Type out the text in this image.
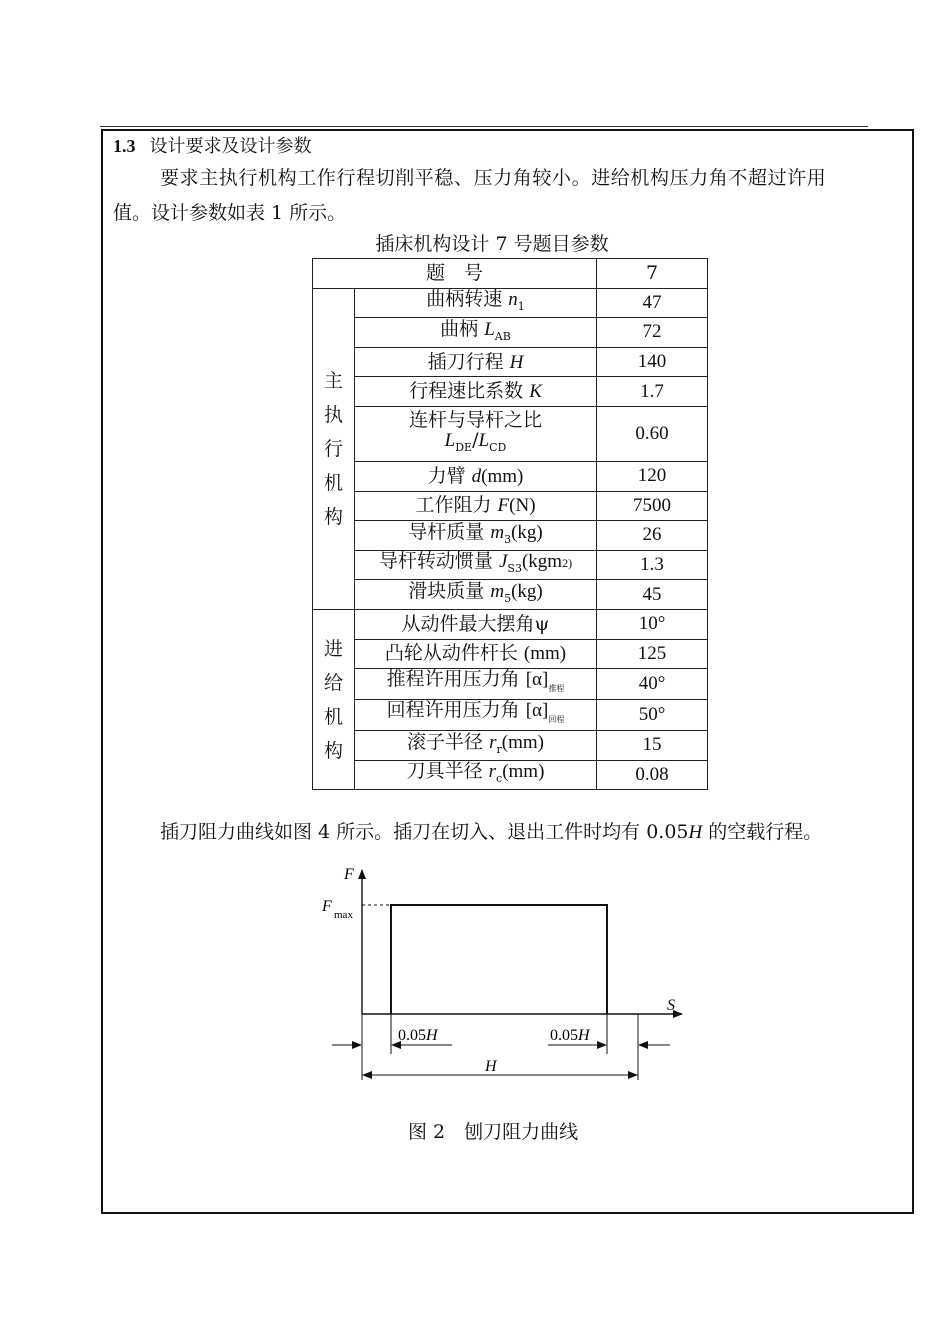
1.3 设计要求及设计参数
要求主执行机构工作行程切削平稳、压力角较小。进给机构压力角不超过许用
值。设计参数如表 1 所示。
插床机构设计 7 号题目参数
题　号		7
主
执
行
机
构	曲柄转速 $n_1$	47
	曲柄 $L_{AB}$	72
	插刀行程 H	140
	行程速比系数 K	1.7
	连杆与导杆之比
$L_{DE}/L_{CD}$	0.60
	力臂 d(mm)	120
	工作阻力 F(N)	7500
	导杆质量 $m_3(kg)$	26
	导杆转动惯量 $J_{S3}(kgm2)$	1.3
	滑块质量 $m_5(kg)$	45
进
给
机
构	从动件最大摆角ψ	10°
	凸轮从动件杆长 (mm)	125
	推程许用压力角 $[\alpha]_{推程}$	40°
	回程许用压力角 $[\alpha]_{回程}$	50°
	滚子半径 $r_r(mm)$	15
	刀具半径 $r_c(mm)$	0.08
插刀阻力曲线如图 4 所示。插刀在切入、退出工件时均有 0.05H 的空载行程。
F
F max
S
0.05H	0.05H
H
图 2　刨刀阻力曲线
